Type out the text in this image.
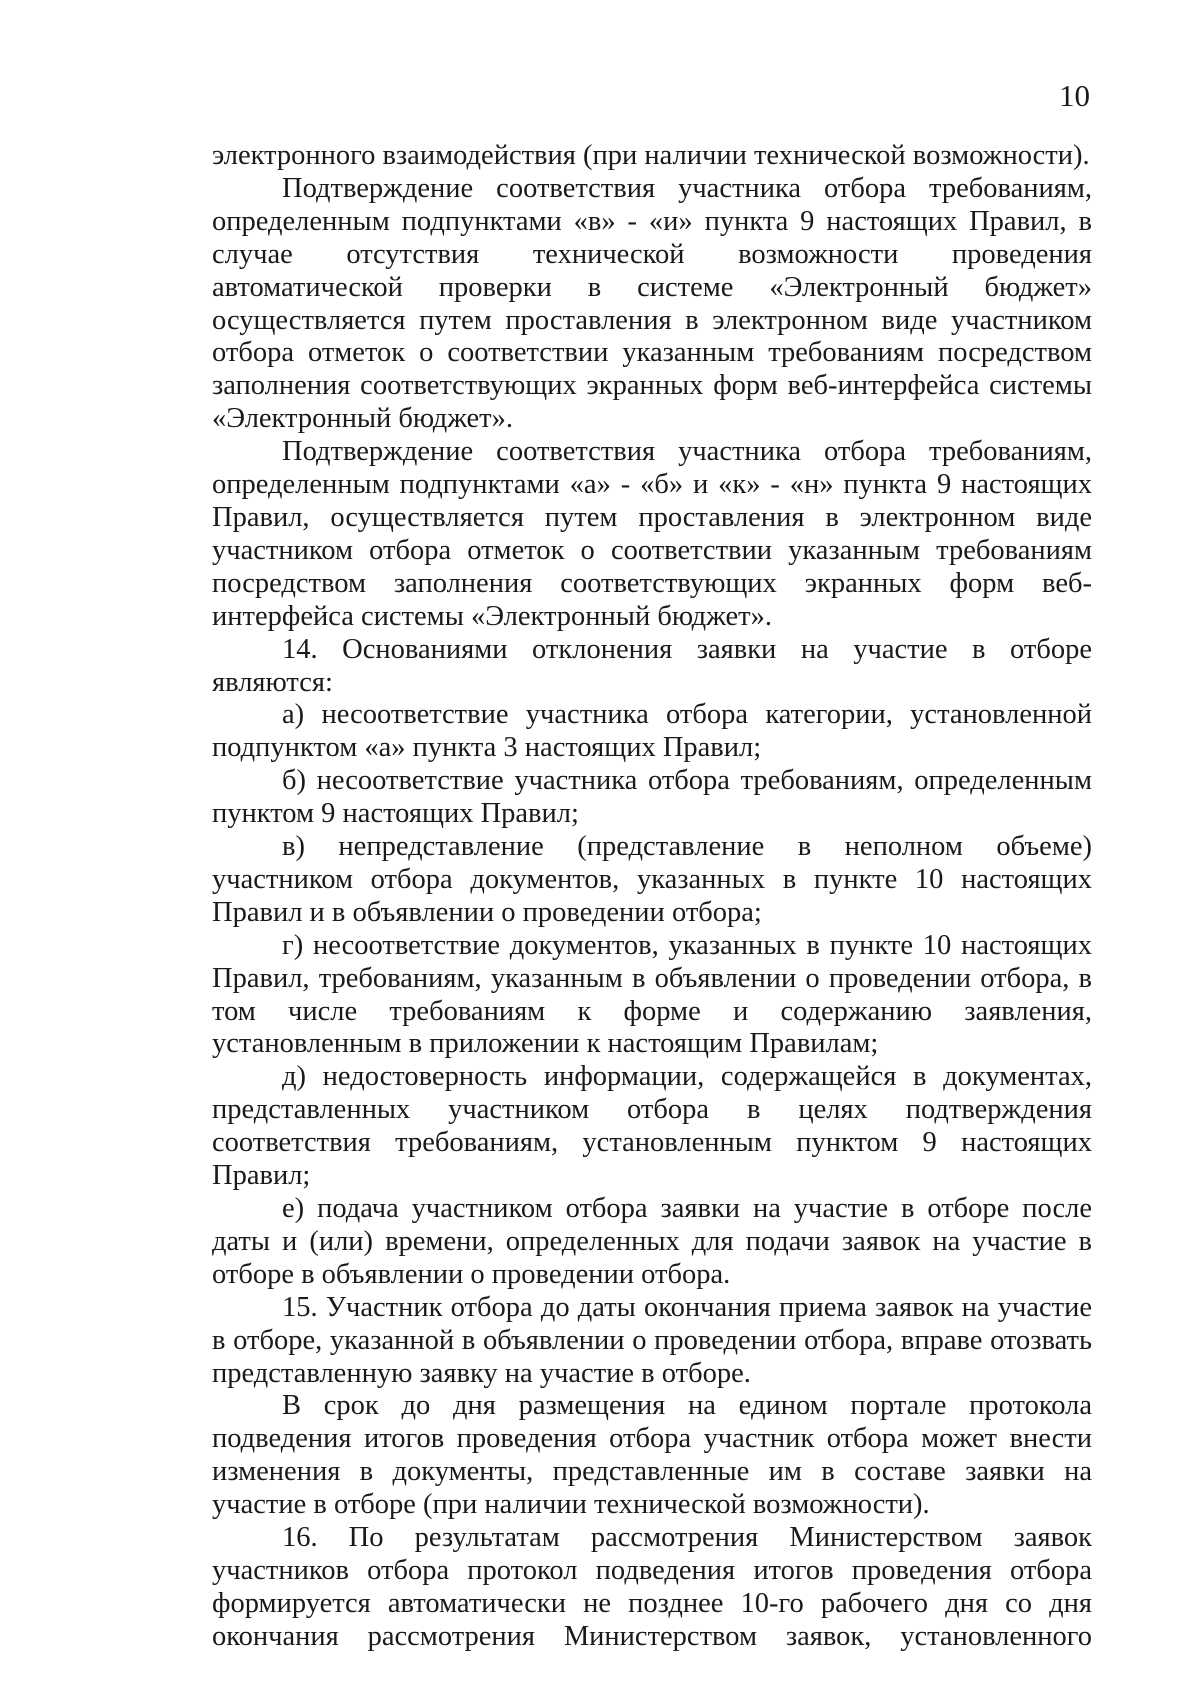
10

электронного взаимодействия (при наличии технической возможности).

Подтверждение соответствия участника отбора требованиям, определенным подпунктами «в» - «и» пункта 9 настоящих Правил, в случае отсутствия технической возможности проведения автоматической проверки в системе «Электронный бюджет» осуществляется путем проставления в электронном виде участником отбора отметок о соответствии указанным требованиям посредством заполнения соответствующих экранных форм веб-интерфейса системы «Электронный бюджет».

Подтверждение соответствия участника отбора требованиям, определенным подпунктами «а» - «б» и «к» - «н» пункта 9 настоящих Правил, осуществляется путем проставления в электронном виде участником отбора отметок о соответствии указанным требованиям посредством заполнения соответствующих экранных форм веб-интерфейса системы «Электронный бюджет».

14. Основаниями отклонения заявки на участие в отборе являются:

а) несоответствие участника отбора категории, установленной подпунктом «а» пункта 3 настоящих Правил;

б) несоответствие участника отбора требованиям, определенным пунктом 9 настоящих Правил;

в) непредставление (представление в неполном объеме) участником отбора документов, указанных в пункте 10 настоящих Правил и в объявлении о проведении отбора;

г) несоответствие документов, указанных в пункте 10 настоящих Правил, требованиям, указанным в объявлении о проведении отбора, в том числе требованиям к форме и содержанию заявления, установленным в приложении к настоящим Правилам;

д) недостоверность информации, содержащейся в документах, представленных участником отбора в целях подтверждения соответствия требованиям, установленным пунктом 9 настоящих Правил;

е) подача участником отбора заявки на участие в отборе после даты и (или) времени, определенных для подачи заявок на участие в отборе в объявлении о проведении отбора.

15. Участник отбора до даты окончания приема заявок на участие в отборе, указанной в объявлении о проведении отбора, вправе отозвать представленную заявку на участие в отборе.

В срок до дня размещения на едином портале протокола подведения итогов проведения отбора участник отбора может внести изменения в документы, представленные им в составе заявки на участие в отборе (при наличии технической возможности).

16. По результатам рассмотрения Министерством заявок участников отбора протокол подведения итогов проведения отбора формируется автоматически не позднее 10-го рабочего дня со дня окончания рассмотрения Министерством заявок, установленного
